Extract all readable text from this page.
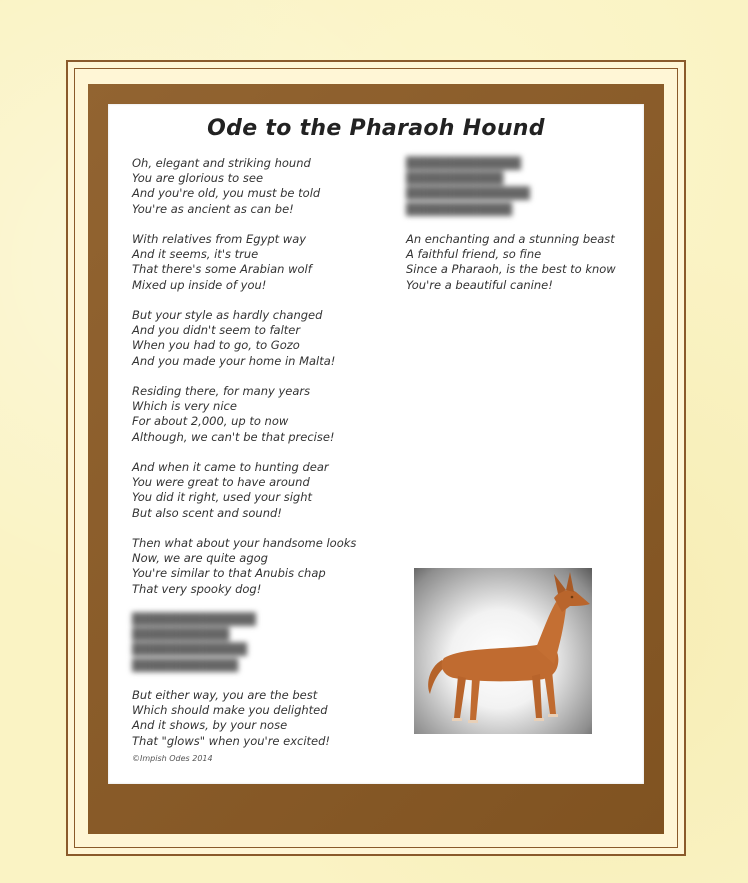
Ode to the Pharaoh Hound
Oh, elegant and striking hound
You are glorious to see
And you're old, you must be told
You're as ancient as can be!
With relatives from Egypt way
And it seems, it's true
That there's some Arabian wolf
Mixed up inside of you!
But your style as hardly changed
And you didn't seem to falter
When you had to go, to Gozo
And you made your home in Malta!
Residing there, for many years
Which is very nice
For about 2,000, up to now
Although, we can't be that precise!
And when it came to hunting dear
You were great to have around
You did it right, used your sight
But also scent and sound!
Then what about your handsome looks
Now, we are quite agog
You're similar to that Anubis chap
That very spooky dog!
██████████████
███████████
█████████████
████████████
But either way, you are the best
Which should make you delighted
And it shows, by your nose
That "glows" when you're excited!
█████████████
███████████
██████████████
████████████
An enchanting and a stunning beast
A faithful friend, so fine
Since a Pharaoh, is the best to know
You're a beautiful canine!
©Impish Odes 2014
